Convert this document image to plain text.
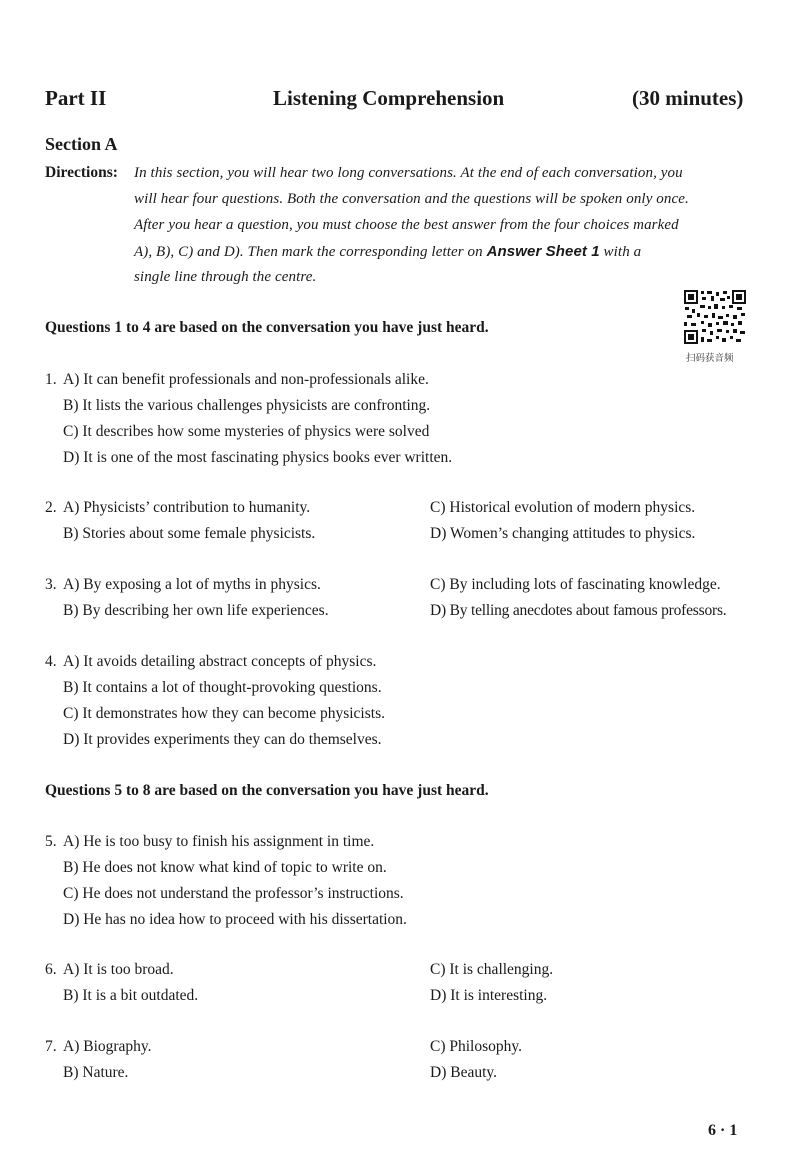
Part II	Listening Comprehension	(30 minutes)
Section A
Directions: In this section, you will hear two long conversations. At the end of each conversation, you
will hear four questions. Both the conversation and the questions will be spoken only once.
After you hear a question, you must choose the best answer from the four choices marked
A), B), C) and D). Then mark the corresponding letter on Answer Sheet 1 with a
single line through the centre.
扫码获音频
Questions 1 to 4 are based on the conversation you have just heard.
1. A) It can benefit professionals and non-professionals alike.
B) It lists the various challenges physicists are confronting.
C) It describes how some mysteries of physics were solved
D) It is one of the most fascinating physics books ever written.
2. A) Physicists’ contribution to humanity.
B) Stories about some female physicists.
C) Historical evolution of modern physics.
D) Women’s changing attitudes to physics.
3. A) By exposing a lot of myths in physics.
B) By describing her own life experiences.
C) By including lots of fascinating knowledge.
D) By telling anecdotes about famous professors.
4. A) It avoids detailing abstract concepts of physics.
B) It contains a lot of thought-provoking questions.
C) It demonstrates how they can become physicists.
D) It provides experiments they can do themselves.
Questions 5 to 8 are based on the conversation you have just heard.
5. A) He is too busy to finish his assignment in time.
B) He does not know what kind of topic to write on.
C) He does not understand the professor’s instructions.
D) He has no idea how to proceed with his dissertation.
6. A) It is too broad.
B) It is a bit outdated.
C) It is challenging.
D) It is interesting.
7. A) Biography.
B) Nature.
C) Philosophy.
D) Beauty.
6 · 1
